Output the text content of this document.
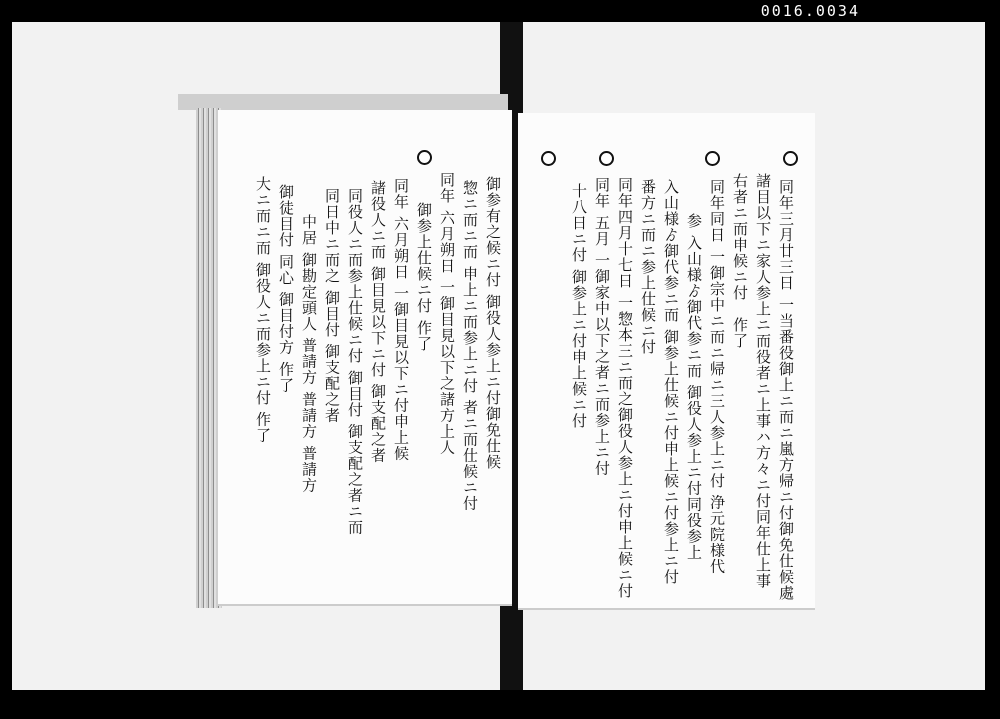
0016.0034
御参有之候ニ付 御役人参上ニ付御免仕候
惣ニ而ニ而 申上ニ而参上ニ付 者ニ而仕候ニ付
同年 六月朔日 一御目見以下之諸方上人
御参上仕候ニ付 作了
同年 六月朔日 一御目見以下ニ付申上候
諸役人ニ而 御目見以下ニ付 御支配之者
同役人ニ而参上仕候ニ付 御目付 御支配之者ニ而
同日中ニ而之 御目付 御支配之者
中居 御勘定頭人 普請方 普請方 普請方
御徒目付 同心 御目付方 作了
大ニ而ニ而 御役人ニ而参上ニ付 作了	同年三月廿三日 一当番役御上ニ而ニ嵐方帰ニ付御免仕候處
諸目以下ニ家人参上ニ而役者ニ上事ハ方々ニ付同年仕上事
右者ニ而申候ニ付　作了
同年同日 一御宗中ニ而ニ帰ニ三人参上ニ付 浄元院様代
参 入山様ゟ御代参ニ而 御役人参上ニ付同役参上
入山様ゟ御代参ニ而 御参上仕候ニ付申上候ニ付参上ニ付
番方ニ而ニ参上仕候ニ付
同年四月十七日 一惣本三ニ而之御役人参上ニ付申上候ニ付
同年 五月 一御家中以下之者ニ而参上ニ付
十八日ニ付 御参上ニ付申上候ニ付
